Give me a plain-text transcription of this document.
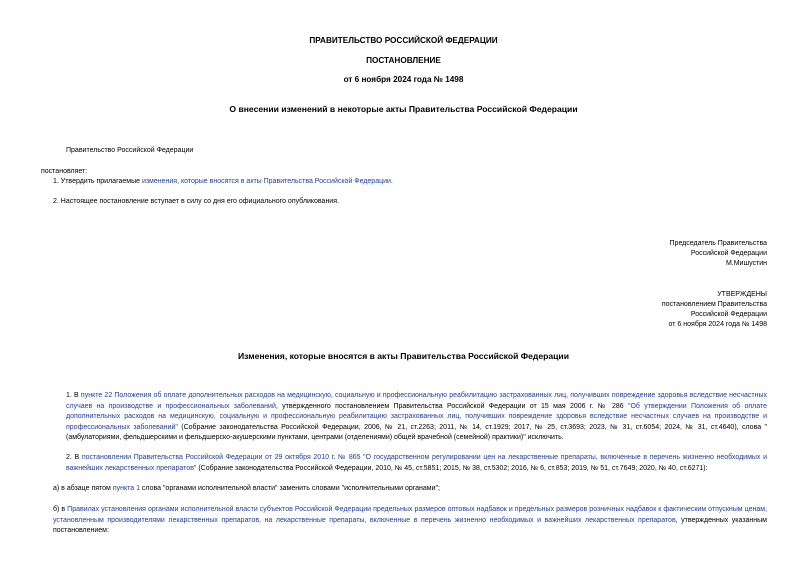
ПРАВИТЕЛЬСТВО РОССИЙСКОЙ ФЕДЕРАЦИИ
ПОСТАНОВЛЕНИЕ
от 6 ноября 2024 года № 1498
О внесении изменений в некоторые акты Правительства Российской Федерации
Правительство Российской Федерации
постановляет:
1. Утвердить прилагаемые изменения, которые вносятся в акты Правительства Российской Федерации.
2. Настоящее постановление вступает в силу со дня его официального опубликования.
Председатель Правительства
Российской Федерации
М.Мишустин
УТВЕРЖДЕНЫ
постановлением Правительства
Российской Федерации
от 6 ноября 2024 года № 1498
Изменения, которые вносятся в акты Правительства Российской Федерации
1. В пункте 22 Положения об оплате дополнительных расходов на медицинскую, социальную и профессиональную реабилитацию застрахованных лиц, получивших повреждение здоровья вследствие несчастных случаев на производстве и профессиональных заболеваний, утвержденного постановлением Правительства Российской Федерации от 15 мая 2006 г. № 286 "Об утверждении Положения об оплате дополнительных расходов на медицинскую, социальную и профессиональную реабилитацию застрахованных лиц, получивших повреждение здоровья вследствие несчастных случаев на производстве и профессиональных заболеваний" (Собрание законодательства Российской Федерации, 2006, № 21, ст.2263; 2011, № 14, ст.1929; 2017, № 25, ст.3693; 2023, № 31, ст.6054; 2024, № 31, ст.4640), слова "(амбулаториями, фельдшерскими и фельдшерско-акушерскими пунктами, центрами (отделениями) общей врачебной (семейной) практики)" исключить.
2. В постановлении Правительства Российской Федерации от 29 октября 2010 г. № 865 "О государственном регулировании цен на лекарственные препараты, включенные в перечень жизненно необходимых и важнейших лекарственных препаратов" (Собрание законодательства Российской Федерации, 2010, № 45, ст.5851; 2015, № 38, ст.5302; 2016, № 6, ст.853; 2019, № 51, ст.7649; 2020, № 40, ст.6271):
а) в абзаце пятом пункта 1 слова "органами исполнительной власти" заменить словами "исполнительными органами";
б) в Правилах установления органами исполнительной власти субъектов Российской Федерации предельных размеров оптовых надбавок и предельных размеров розничных надбавок к фактическим отпускным ценам, установленным производителями лекарственных препаратов, на лекарственные препараты, включенные в перечень жизненно необходимых и важнейших лекарственных препаратов, утвержденных указанным постановлением:
